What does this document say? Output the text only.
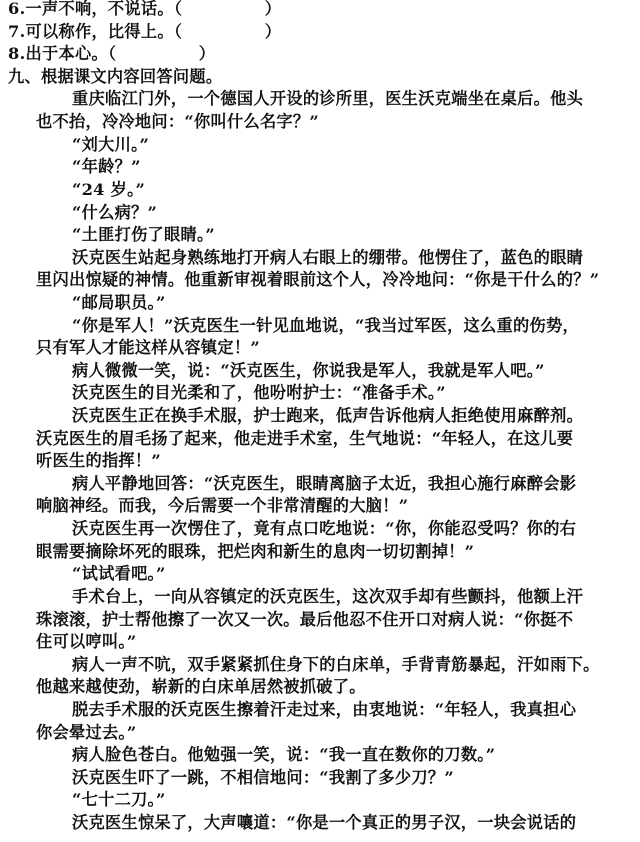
6.一声不响，不说话。（　　　　　）
7.可以称作，比得上。（　　　　　）
8.出于本心。（　　　　　）
九、根据课文内容回答问题。
重庆临江门外，一个德国人开设的诊所里，医生沃克端坐在桌后。他头
也不抬，冷冷地问：“你叫什么名字？”
“刘大川。”
“年龄？”
“24 岁。”
“什么病？”
“土匪打伤了眼睛。”
沃克医生站起身熟练地打开病人右眼上的绷带。他愣住了，蓝色的眼睛
里闪出惊疑的神情。他重新审视着眼前这个人，冷冷地问：“你是干什么的？”
“邮局职员。”
“你是军人！”沃克医生一针见血地说，“我当过军医，这么重的伤势，
只有军人才能这样从容镇定！”
病人微微一笑，说：“沃克医生，你说我是军人，我就是军人吧。”
沃克医生的目光柔和了，他吩咐护士：“准备手术。”
沃克医生正在换手术服，护士跑来，低声告诉他病人拒绝使用麻醉剂。
沃克医生的眉毛扬了起来，他走进手术室，生气地说：“年轻人，在这儿要
听医生的指挥！”
病人平静地回答：“沃克医生，眼睛离脑子太近，我担心施行麻醉会影
响脑神经。而我，今后需要一个非常清醒的大脑！”
沃克医生再一次愣住了，竟有点口吃地说：“你，你能忍受吗？你的右
眼需要摘除坏死的眼珠，把烂肉和新生的息肉一切切割掉！”
“试试看吧。”
手术台上，一向从容镇定的沃克医生，这次双手却有些颤抖，他额上汗
珠滚滚，护士帮他擦了一次又一次。最后他忍不住开口对病人说：“你挺不
住可以哼叫。”
病人一声不吭，双手紧紧抓住身下的白床单，手背青筋暴起，汗如雨下。
他越来越使劲，崭新的白床单居然被抓破了。
脱去手术服的沃克医生擦着汗走过来，由衷地说：“年轻人，我真担心
你会晕过去。”
病人脸色苍白。他勉强一笑，说：“我一直在数你的刀数。”
沃克医生吓了一跳，不相信地问：“我割了多少刀？”
“七十二刀。”
沃克医生惊呆了，大声嚷道：“你是一个真正的男子汉，一块会说话的
